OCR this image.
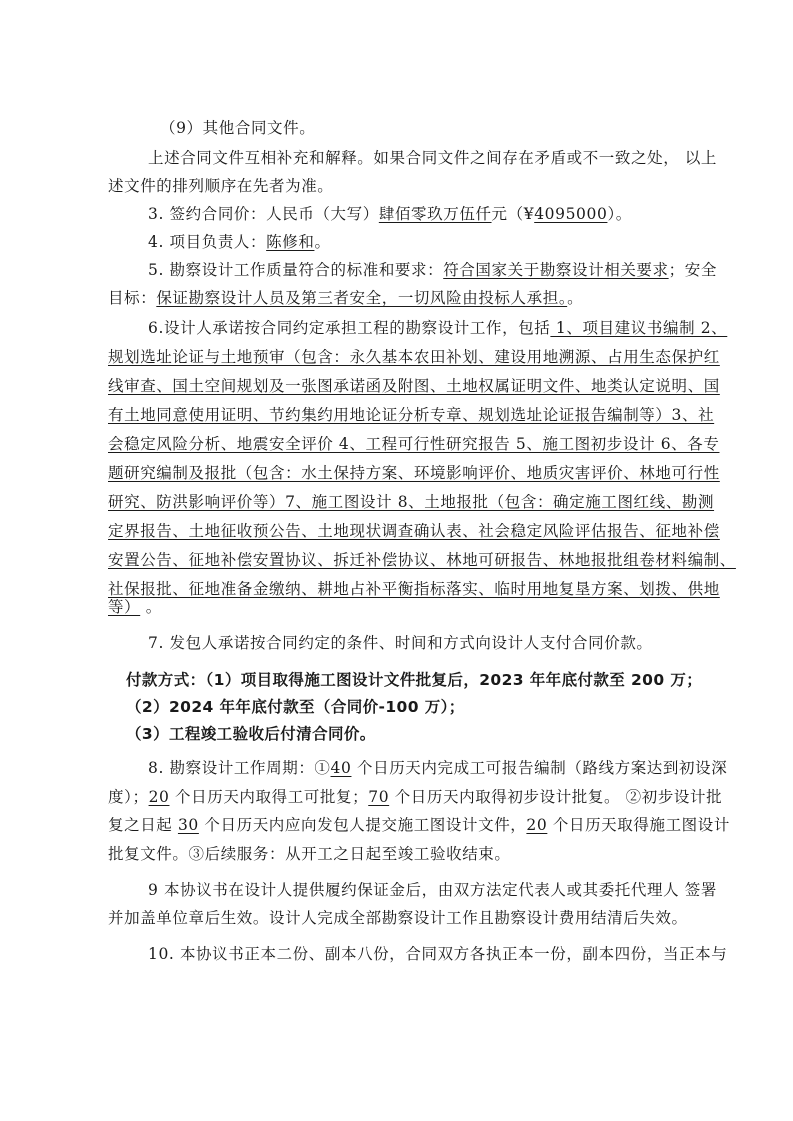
（9）其他合同文件。
上述合同文件互相补充和解释。如果合同文件之间存在矛盾或不一致之处， 以上
述文件的排列顺序在先者为准。
3. 签约合同价：人民币（大写）肆佰零玖万伍仟元（¥4095000）。
4. 项目负责人：陈修和。
5. 勘察设计工作质量符合的标准和要求：符合国家关于勘察设计相关要求；安全
目标：保证勘察设计人员及第三者安全，一切风险由投标人承担。。
6.设计人承诺按合同约定承担工程的勘察设计工作，包括 1、项目建议书编制 2、
规划选址论证与土地预审（包含：永久基本农田补划、建设用地溯源、占用生态保护红
线审查、国土空间规划及一张图承诺函及附图、土地权属证明文件、地类认定说明、国
有土地同意使用证明、节约集约用地论证分析专章、规划选址论证报告编制等）3、社
会稳定风险分析、地震安全评价 4、工程可行性研究报告 5、施工图初步设计 6、各专
题研究编制及报批（包含：水土保持方案、环境影响评价、地质灾害评价、林地可行性
研究、防洪影响评价等）7、施工图设计 8、土地报批（包含：确定施工图红线、勘测
定界报告、土地征收预公告、土地现状调查确认表、社会稳定风险评估报告、征地补偿
安置公告、征地补偿安置协议、拆迁补偿协议、林地可研报告、林地报批组卷材料编制、
社保报批、征地准备金缴纳、耕地占补平衡指标落实、临时用地复垦方案、划拨、供地
等） 。
7. 发包人承诺按合同约定的条件、时间和方式向设计人支付合同价款。
付款方式：（1）项目取得施工图设计文件批复后，2023 年年底付款至 200 万；
（2）2024 年年底付款至（合同价-100 万）；
（3）工程竣工验收后付清合同价。
8. 勘察设计工作周期：①40 个日历天内完成工可报告编制（路线方案达到初设深
度）；20 个日历天内取得工可批复；70 个日历天内取得初步设计批复。 ②初步设计批
复之日起 30 个日历天内应向发包人提交施工图设计文件，20 个日历天取得施工图设计
批复文件。③后续服务：从开工之日起至竣工验收结束。
9 本协议书在设计人提供履约保证金后，由双方法定代表人或其委托代理人 签署
并加盖单位章后生效。设计人完成全部勘察设计工作且勘察设计费用结清后失效。
10. 本协议书正本二份、副本八份，合同双方各执正本一份，副本四份，当正本与
